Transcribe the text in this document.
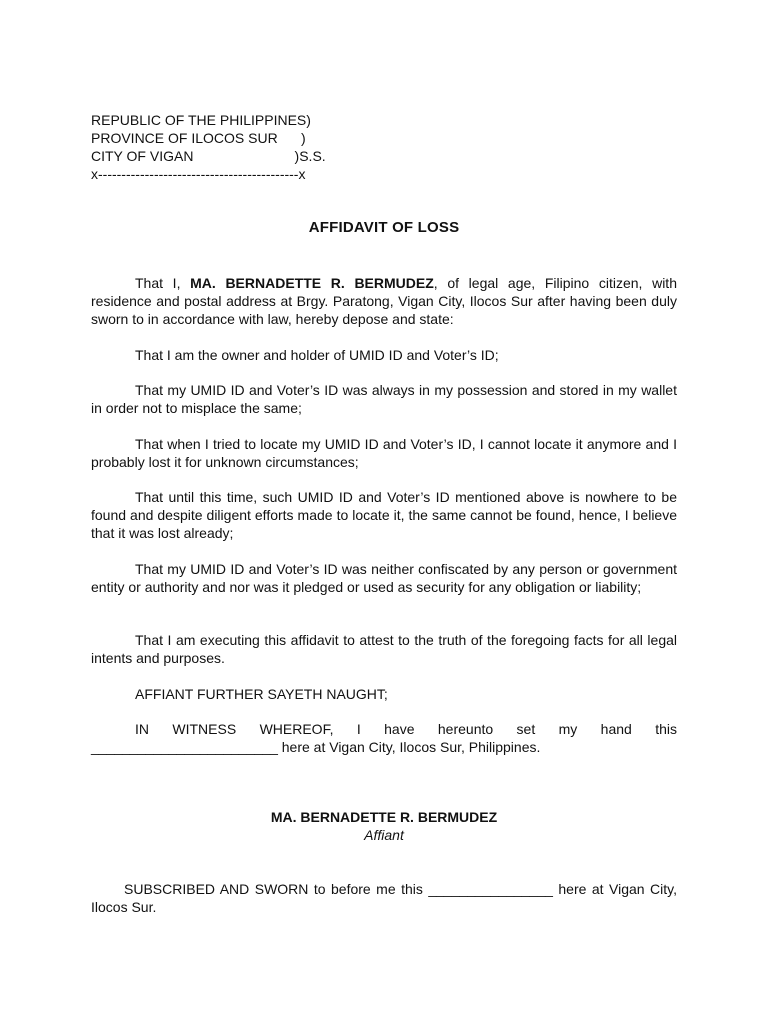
REPUBLIC OF THE PHILIPPINES)
PROVINCE OF ILOCOS SUR      )
CITY OF VIGAN                          )S.S.
x-------------------------------------------x
AFFIDAVIT OF LOSS

That I, MA. BERNADETTE R. BERMUDEZ, of legal age, Filipino citizen, with residence and postal address at Brgy. Paratong, Vigan City, Ilocos Sur after having been duly sworn to in accordance with law, hereby depose and state:

That I am the owner and holder of UMID ID and Voter’s ID;

That my UMID ID and Voter’s ID was always in my possession and stored in my wallet in order not to misplace the same;

That when I tried to locate my UMID ID and Voter’s ID, I cannot locate it anymore and I probably lost it for unknown circumstances;

That until this time, such UMID ID and Voter’s ID mentioned above is nowhere to be found and despite diligent efforts made to locate it, the same cannot be found, hence, I believe that it was lost already;

That my UMID ID and Voter’s ID was neither confiscated by any person or government entity or authority and nor was it pledged or used as security for any obligation or liability;

That I am executing this affidavit to attest to the truth of the foregoing facts for all legal intents and purposes.

AFFIANT FURTHER SAYETH NAUGHT;

IN WITNESS WHEREOF, I have hereunto set my hand this ________________________ here at Vigan City, Ilocos Sur, Philippines.

MA. BERNADETTE R. BERMUDEZ
Affiant

SUBSCRIBED AND SWORN to before me this ________________ here at Vigan City, Ilocos Sur.
